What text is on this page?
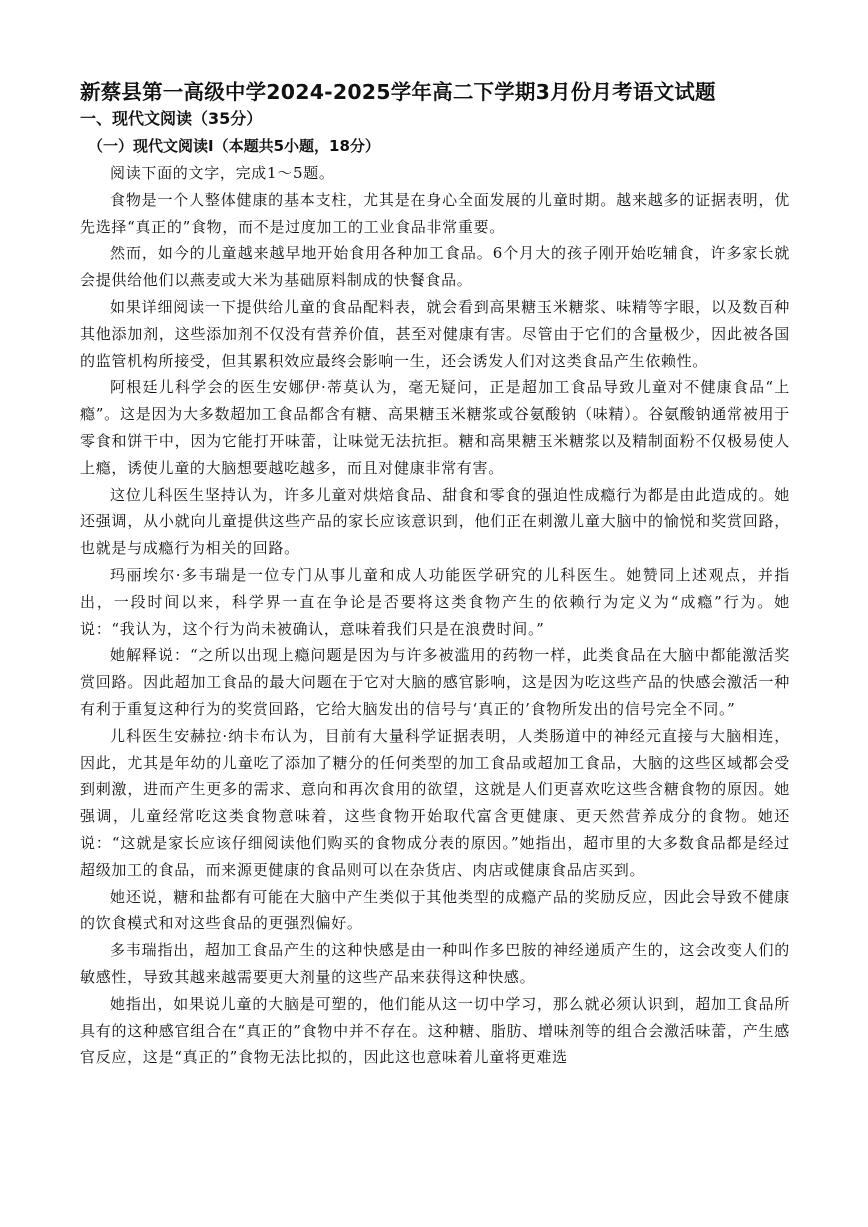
新蔡县第一高级中学2024-2025学年高二下学期3月份月考语文试题
一、现代文阅读（35分）
（一）现代文阅读Ⅰ（本题共5小题，18分）

阅读下面的文字，完成1～5题。

食物是一个人整体健康的基本支柱，尤其是在身心全面发展的儿童时期。越来越多的证据表明，优先选择“真正的”食物，而不是过度加工的工业食品非常重要。

然而，如今的儿童越来越早地开始食用各种加工食品。6个月大的孩子刚开始吃辅食，许多家长就会提供给他们以燕麦或大米为基础原料制成的快餐食品。

如果详细阅读一下提供给儿童的食品配料表，就会看到高果糖玉米糖浆、味精等字眼，以及数百种其他添加剂，这些添加剂不仅没有营养价值，甚至对健康有害。尽管由于它们的含量极少，因此被各国的监管机构所接受，但其累积效应最终会影响一生，还会诱发人们对这类食品产生依赖性。

阿根廷儿科学会的医生安娜伊·蒂莫认为，毫无疑问，正是超加工食品导致儿童对不健康食品“上瘾”。这是因为大多数超加工食品都含有糖、高果糖玉米糖浆或谷氨酸钠（味精）。谷氨酸钠通常被用于零食和饼干中，因为它能打开味蕾，让味觉无法抗拒。糖和高果糖玉米糖浆以及精制面粉不仅极易使人上瘾，诱使儿童的大脑想要越吃越多，而且对健康非常有害。

这位儿科医生坚持认为，许多儿童对烘焙食品、甜食和零食的强迫性成瘾行为都是由此造成的。她还强调，从小就向儿童提供这些产品的家长应该意识到，他们正在刺激儿童大脑中的愉悦和奖赏回路，也就是与成瘾行为相关的回路。

玛丽埃尔·多韦瑞是一位专门从事儿童和成人功能医学研究的儿科医生。她赞同上述观点，并指出，一段时间以来，科学界一直在争论是否要将这类食物产生的依赖行为定义为“成瘾”行为。她说：“我认为，这个行为尚未被确认，意味着我们只是在浪费时间。”

她解释说：“之所以出现上瘾问题是因为与许多被滥用的药物一样，此类食品在大脑中都能激活奖赏回路。因此超加工食品的最大问题在于它对大脑的感官影响，这是因为吃这些产品的快感会激活一种有利于重复这种行为的奖赏回路，它给大脑发出的信号与‘真正的’食物所发出的信号完全不同。”

儿科医生安赫拉·纳卡布认为，目前有大量科学证据表明，人类肠道中的神经元直接与大脑相连，因此，尤其是年幼的儿童吃了添加了糖分的任何类型的加工食品或超加工食品，大脑的这些区域都会受到刺激，进而产生更多的需求、意向和再次食用的欲望，这就是人们更喜欢吃这些含糖食物的原因。她强调，儿童经常吃这类食物意味着，这些食物开始取代富含更健康、更天然营养成分的食物。她还说：“这就是家长应该仔细阅读他们购买的食物成分表的原因。”她指出，超市里的大多数食品都是经过超级加工的食品，而来源更健康的食品则可以在杂货店、肉店或健康食品店买到。

她还说，糖和盐都有可能在大脑中产生类似于其他类型的成瘾产品的奖励反应，因此会导致不健康的饮食模式和对这些食品的更强烈偏好。

多韦瑞指出，超加工食品产生的这种快感是由一种叫作多巴胺的神经递质产生的，这会改变人们的敏感性，导致其越来越需要更大剂量的这些产品来获得这种快感。

她指出，如果说儿童的大脑是可塑的，他们能从这一切中学习，那么就必须认识到，超加工食品所具有的这种感官组合在“真正的”食物中并不存在。这种糖、脂肪、增味剂等的组合会激活味蕾，产生感官反应，这是“真正的”食物无法比拟的，因此这也意味着儿童将更难选
